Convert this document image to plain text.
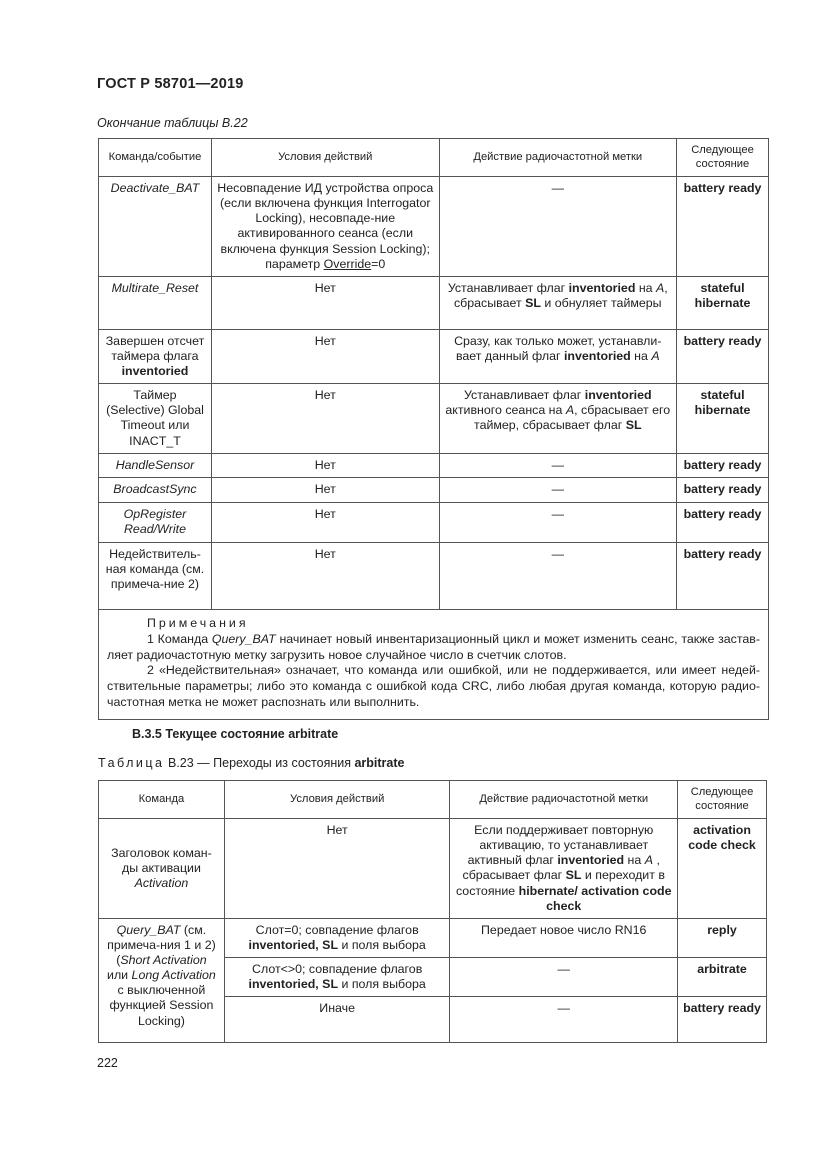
ГОСТ Р 58701—2019
Окончание таблицы В.22
Команда/событие	Условия действий	Действие радиочастотной метки	Следующее состояние
Deactivate_BAT	Несовпадение ИД устройства опроса (если включена функция Interrogator Locking), несовпаде-ние активированного сеанса (если включена функция Session Locking); параметр Override=0	—	battery ready
Multirate_Reset	Нет	Устанавливает флаг inventoried на A, сбрасывает SL и обнуляет таймеры	stateful hibernate
Завершен отсчет таймера флага inventoried	Нет	Сразу, как только может, устанавли-вает данный флаг inventoried на A	battery ready
Таймер (Selective) Global Timeout или INACT_T	Нет	Устанавливает флаг inventoried активного сеанса на A, сбрасывает его таймер, сбрасывает флаг SL	stateful hibernate
HandleSensor	Нет	—	battery ready
BroadcastSync	Нет	—	battery ready
OpRegister Read/Write	Нет	—	battery ready
Недействитель-ная команда (см. примеча-ние 2)	Нет	—	battery ready

Примечания

1 Команда Query_BAT начинает новый инвентаризационный цикл и может изменить сеанс, также застав-ляет радиочастотную метку загрузить новое случайное число в счетчик слотов.

2 «Недействительная» означает, что команда или ошибкой, или не поддерживается, или имеет недей-ствительные параметры; либо это команда с ошибкой кода CRC, либо любая другая команда, которую радио-частотная метка не может распознать или выполнить.			

В.3.5 Текущее состояние arbitrate
Таблица В.23 — Переходы из состояния arbitrate
Команда	Условия действий	Действие радиочастотной метки	Следующее состояние
Заголовок коман-ды активации Activation	Нет	Если поддерживает повторную активацию, то устанавливает активный флаг inventoried на A , сбрасывает флаг SL и переходит в состояние hibernate/ activation code check	activation code check
Query_BAT (см. примеча-ния 1 и 2) (Short Activation или Long Activation с выключенной функцией Session Locking)	Слот=0; совпадение флагов inventoried, SL и поля выбора	Передает новое число RN16	reply
	Слот<>0; совпадение флагов inventoried, SL и поля выбора	—	arbitrate
	Иначе	—	battery ready
222
